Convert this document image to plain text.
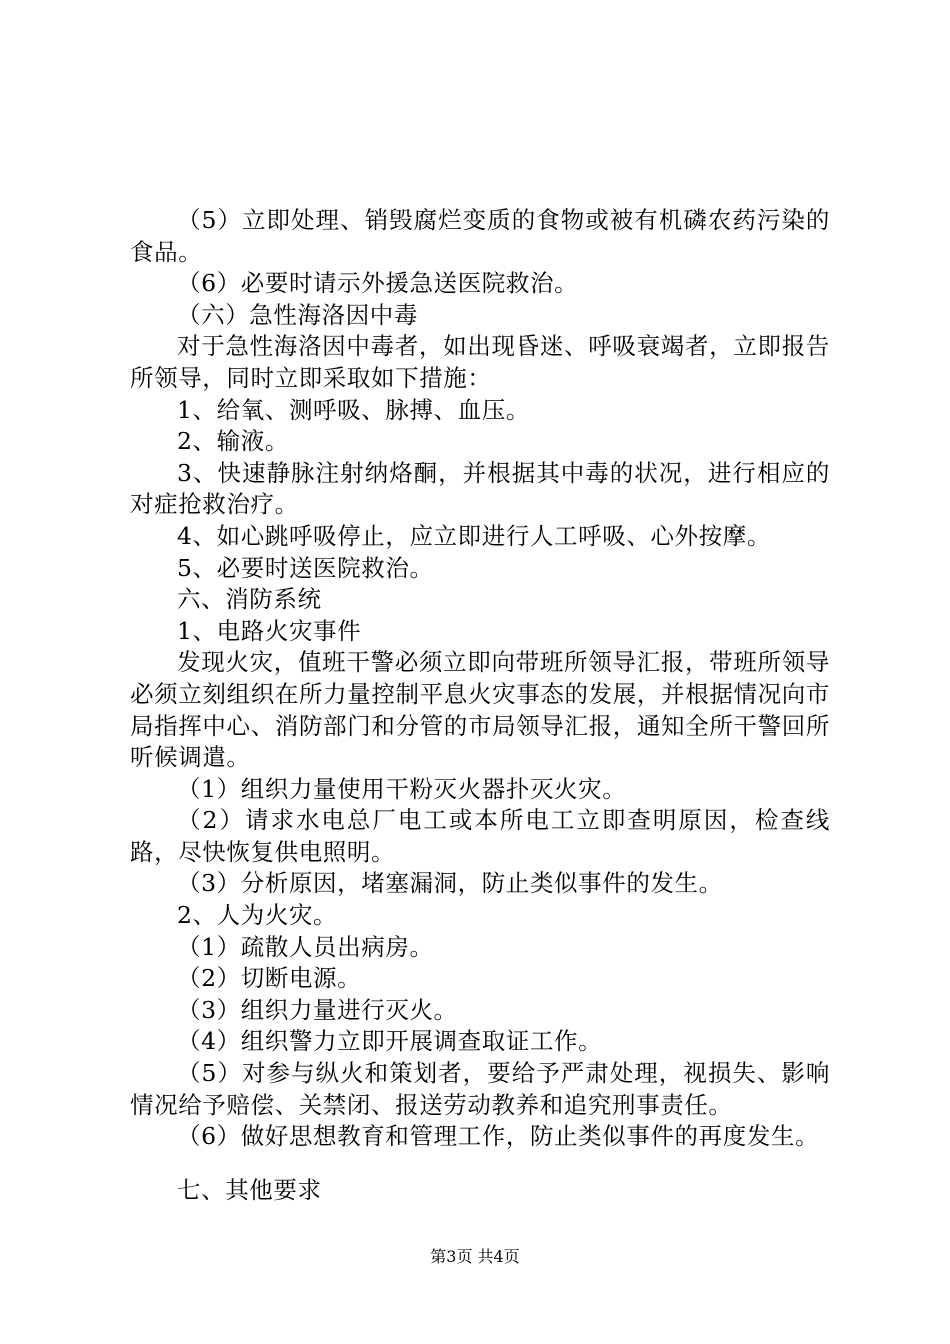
（5）立即处理、销毁腐烂变质的食物或被有机磷农药污染的食品。

（6）必要时请示外援急送医院救治。

（六）急性海洛因中毒

对于急性海洛因中毒者，如出现昏迷、呼吸衰竭者，立即报告所领导，同时立即采取如下措施：

1、给氧、测呼吸、脉搏、血压。

2、输液。

3、快速静脉注射纳烙酮，并根据其中毒的状况，进行相应的对症抢救治疗。

4、如心跳呼吸停止，应立即进行人工呼吸、心外按摩。

5、必要时送医院救治。

六、消防系统

1、电路火灾事件

发现火灾，值班干警必须立即向带班所领导汇报，带班所领导必须立刻组织在所力量控制平息火灾事态的发展，并根据情况向市局指挥中心、消防部门和分管的市局领导汇报，通知全所干警回所听候调遣。

（1）组织力量使用干粉灭火器扑灭火灾。

（2）请求水电总厂电工或本所电工立即查明原因，检查线路，尽快恢复供电照明。

（3）分析原因，堵塞漏洞，防止类似事件的发生。

2、人为火灾。

（1）疏散人员出病房。

（2）切断电源。

（3）组织力量进行灭火。

（4）组织警力立即开展调查取证工作。

（5）对参与纵火和策划者，要给予严肃处理，视损失、影响情况给予赔偿、关禁闭、报送劳动教养和追究刑事责任。

（6）做好思想教育和管理工作，防止类似事件的再度发生。

七、其他要求

第3页 共4页
